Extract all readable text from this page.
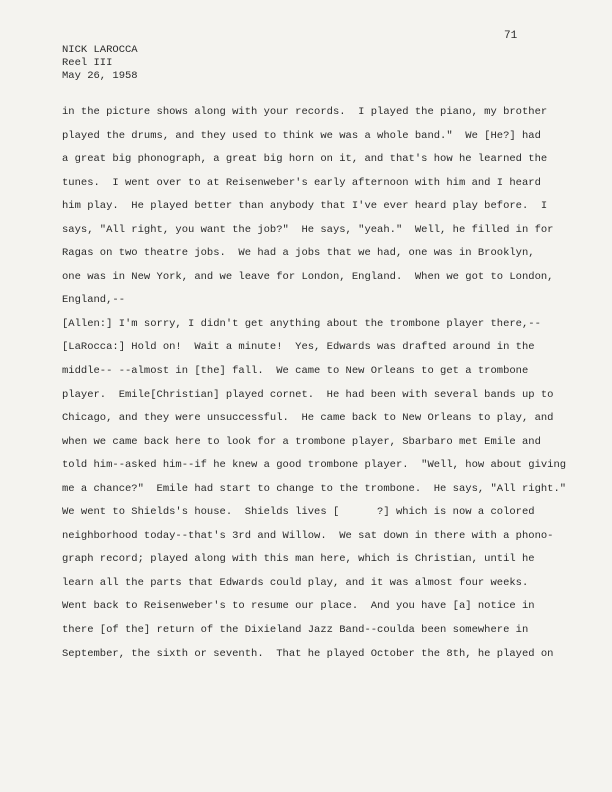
71
NICK LAROCCA
Reel III
May 26, 1958
in the picture shows along with your records.  I played the piano, my brother
played the drums, and they used to think we was a whole band."  We [He?] had
a great big phonograph, a great big horn on it, and that's how he learned the
tunes.  I went over to at Reisenweber's early afternoon with him and I heard
him play.  He played better than anybody that I've ever heard play before.  I
says, "All right, you want the job?"  He says, "yeah."  Well, he filled in for
Ragas on two theatre jobs.  We had a jobs that we had, one was in Brooklyn,
one was in New York, and we leave for London, England.  When we got to London,
England,--
[Allen:] I'm sorry, I didn't get anything about the trombone player there,--
[LaRocca:] Hold on!  Wait a minute!  Yes, Edwards was drafted around in the
middle-- --almost in [the] fall.  We came to New Orleans to get a trombone
player.  Emile[Christian] played cornet.  He had been with several bands up to
Chicago, and they were unsuccessful.  He came back to New Orleans to play, and
when we came back here to look for a trombone player, Sbarbaro met Emile and
told him--asked him--if he knew a good trombone player.  "Well, how about giving
me a chance?"  Emile had start to change to the trombone.  He says, "All right."
We went to Shields's house.  Shields lives [      ?] which is now a colored
neighborhood today--that's 3rd and Willow.  We sat down in there with a phono-
graph record; played along with this man here, which is Christian, until he
learn all the parts that Edwards could play, and it was almost four weeks.
Went back to Reisenweber's to resume our place.  And you have [a] notice in
there [of the] return of the Dixieland Jazz Band--coulda been somewhere in
September, the sixth or seventh.  That he played October the 8th, he played on
